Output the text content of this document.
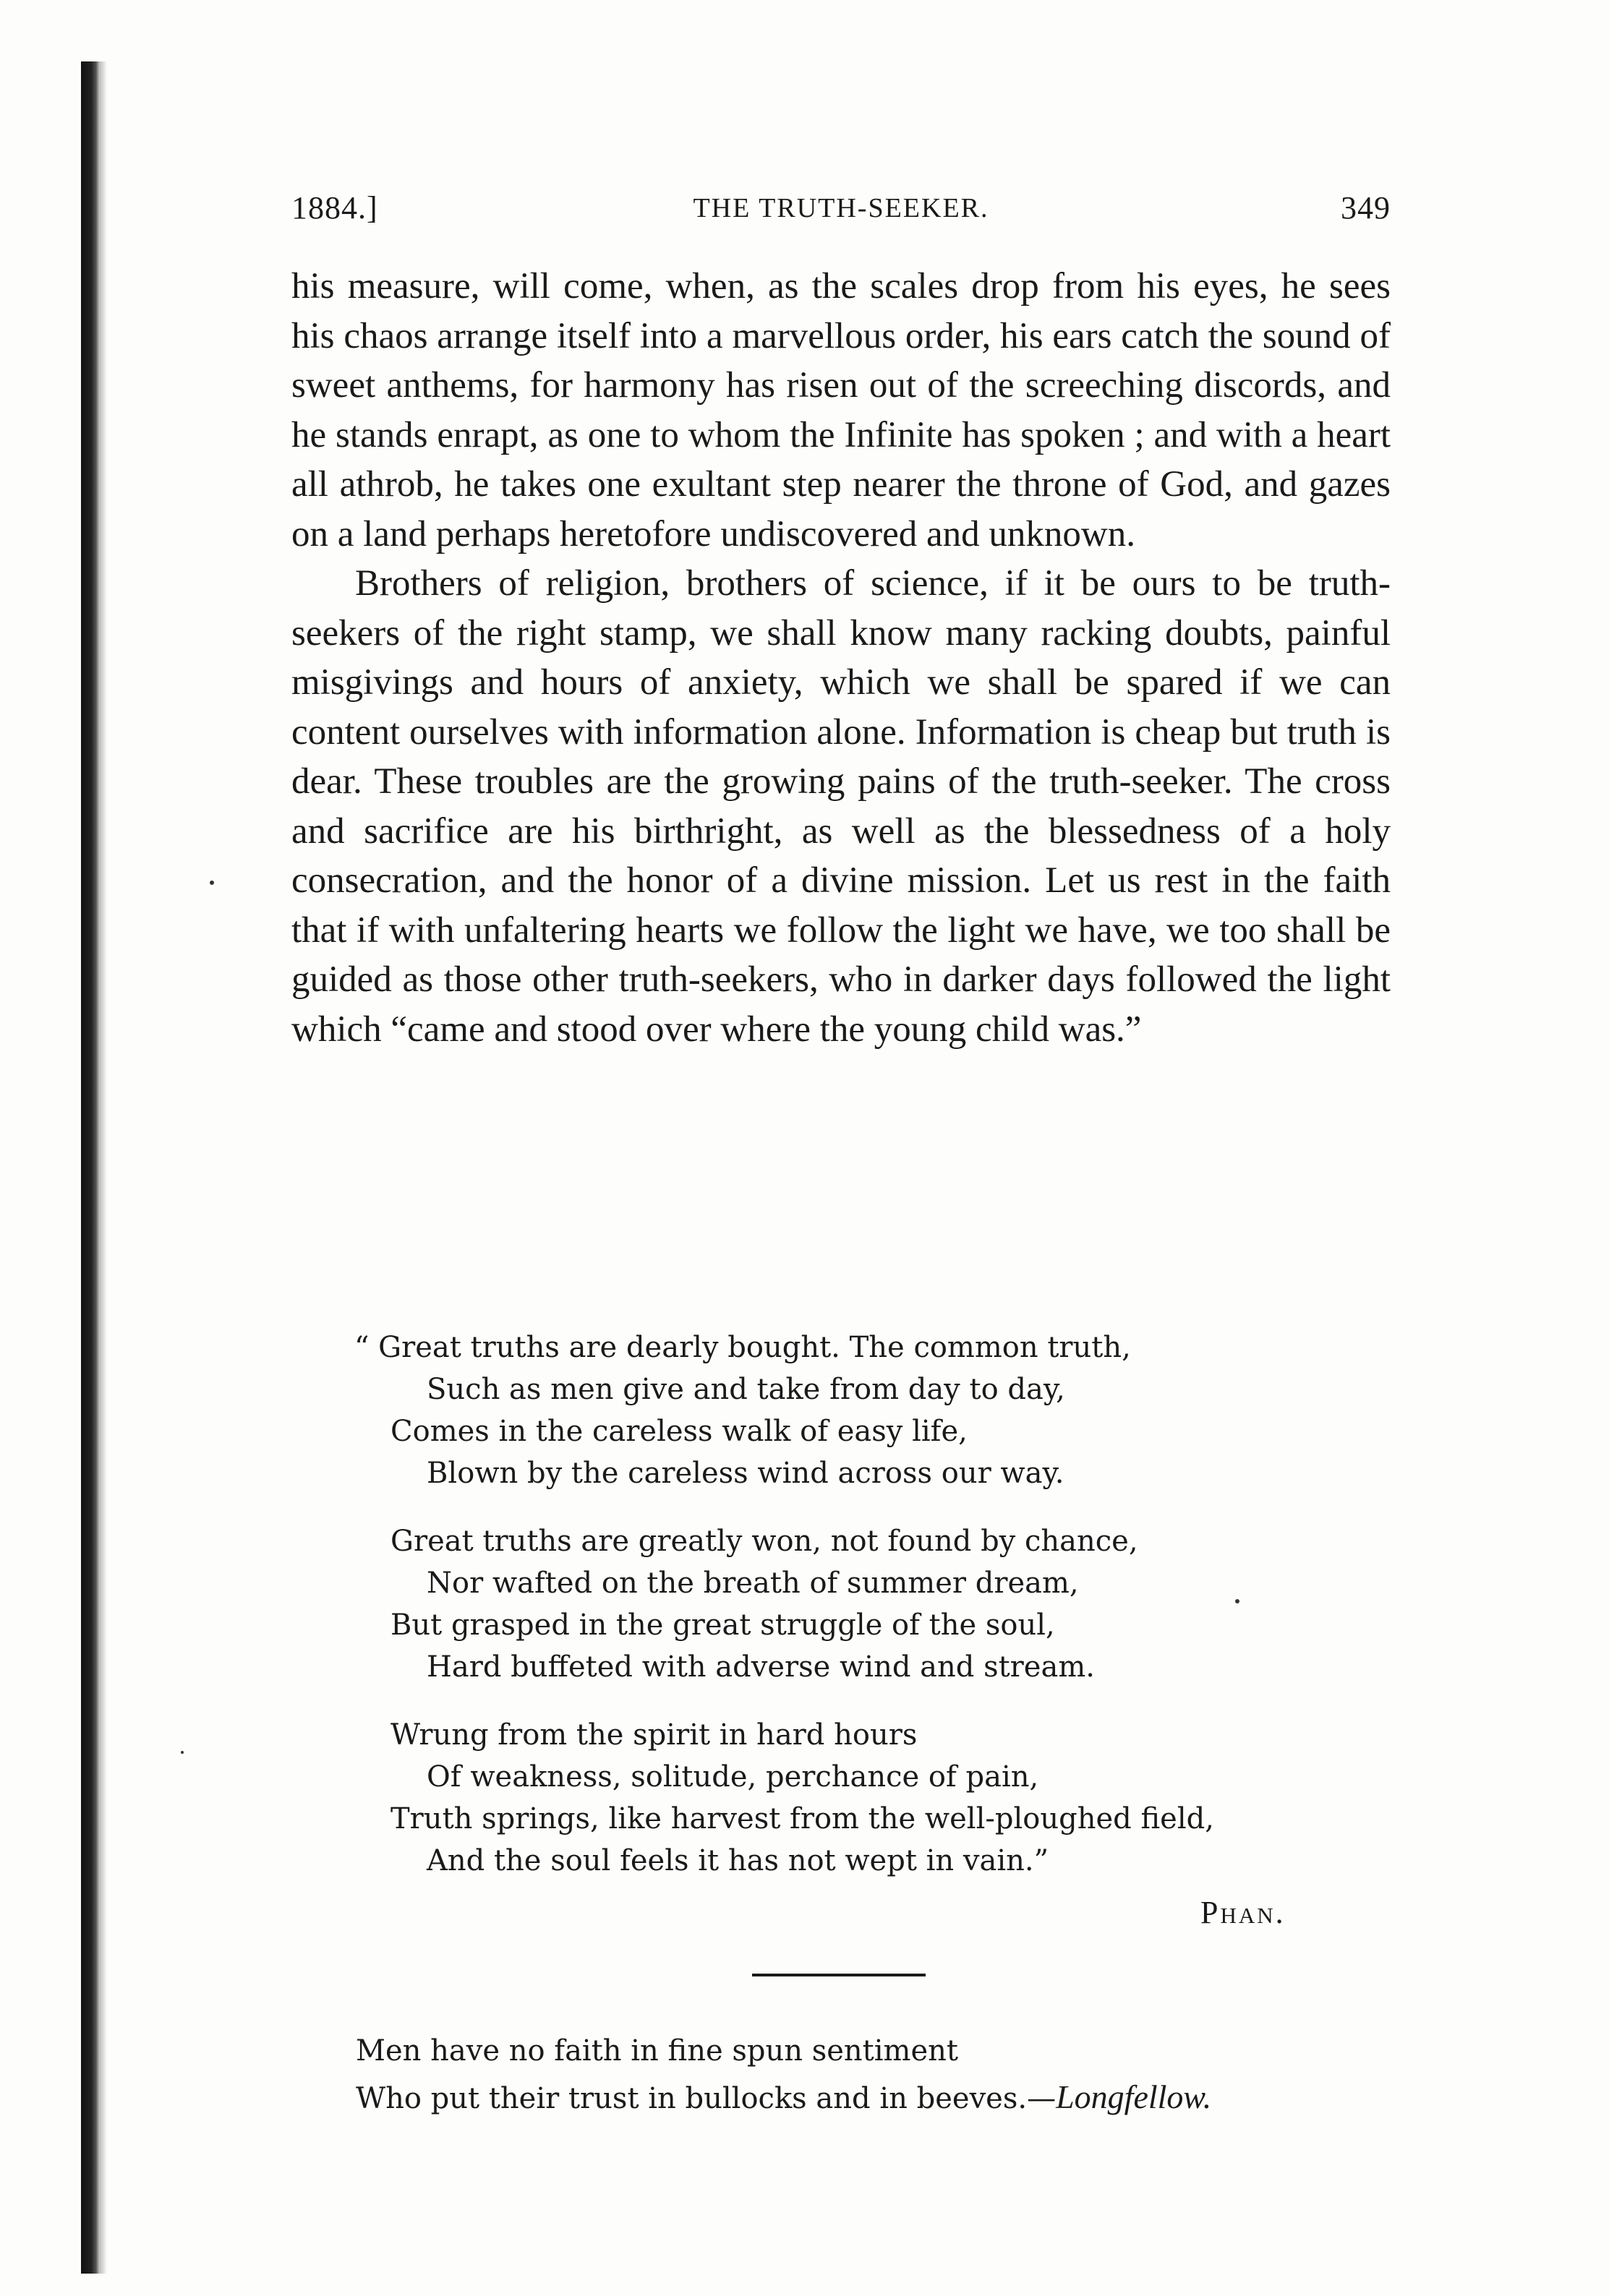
1884.]	THE TRUTH-SEEKER.	349

his measure, will come, when, as the scales drop from his eyes, he sees his chaos arrange itself into a marvellous order, his ears catch the sound of sweet anthems, for harmony has risen out of the screeching discords, and he stands enrapt, as one to whom the Infinite has spoken ; and with a heart all athrob, he takes one exultant step nearer the throne of God, and gazes on a land perhaps heretofore undiscovered and unknown.

Brothers of religion, brothers of science, if it be ours to be truth-seekers of the right stamp, we shall know many racking doubts, painful misgivings and hours of anxiety, which we shall be spared if we can content ourselves with information alone. Information is cheap but truth is dear. These troubles are the growing pains of the truth-seeker. The cross and sacrifice are his birthright, as well as the blessedness of a holy consecration, and the honor of a divine mission. Let us rest in the faith that if with unfaltering hearts we follow the light we have, we too shall be guided as those other truth-seekers, who in darker days followed the light which “came and stood over where the young child was.”

“ Great truths are dearly bought. The common truth,
Such as men give and take from day to day,
Comes in the careless walk of easy life,
Blown by the careless wind across our way.
Great truths are greatly won, not found by chance,
Nor wafted on the breath of summer dream,
But grasped in the great struggle of the soul,
Hard buffeted with adverse wind and stream.
Wrung from the spirit in hard hours
Of weakness, solitude, perchance of pain,
Truth springs, like harvest from the well-ploughed field,
And the soul feels it has not wept in vain.”
Phan.
Men have no faith in fine spun sentiment
Who put their trust in bullocks and in beeves.—Longfellow.
